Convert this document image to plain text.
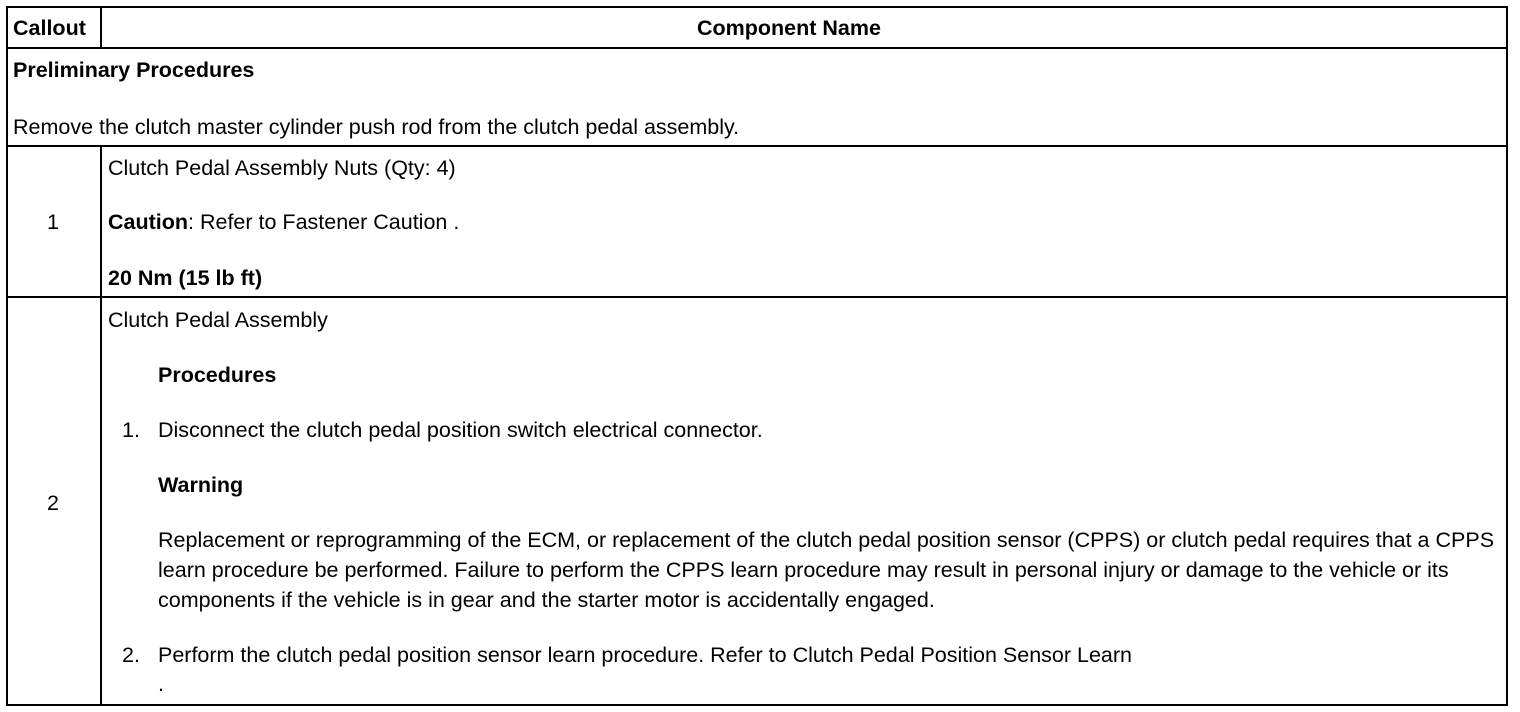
Callout	Component Name
Preliminary Procedures
Remove the clutch master cylinder push rod from the clutch pedal assembly.
1
Clutch Pedal Assembly Nuts (Qty: 4)
Caution: Refer to Fastener Caution .
20 Nm (15 lb ft)
2
Clutch Pedal Assembly
Procedures
1. Disconnect the clutch pedal position switch electrical connector.
Warning
Replacement or reprogramming of the ECM, or replacement of the clutch pedal position sensor (CPPS) or clutch pedal requires that a CPPS learn procedure be performed. Failure to perform the CPPS learn procedure may result in personal injury or damage to the vehicle or its components if the vehicle is in gear and the starter motor is accidentally engaged.
2. Perform the clutch pedal position sensor learn procedure. Refer to Clutch Pedal Position Sensor Learn
.
